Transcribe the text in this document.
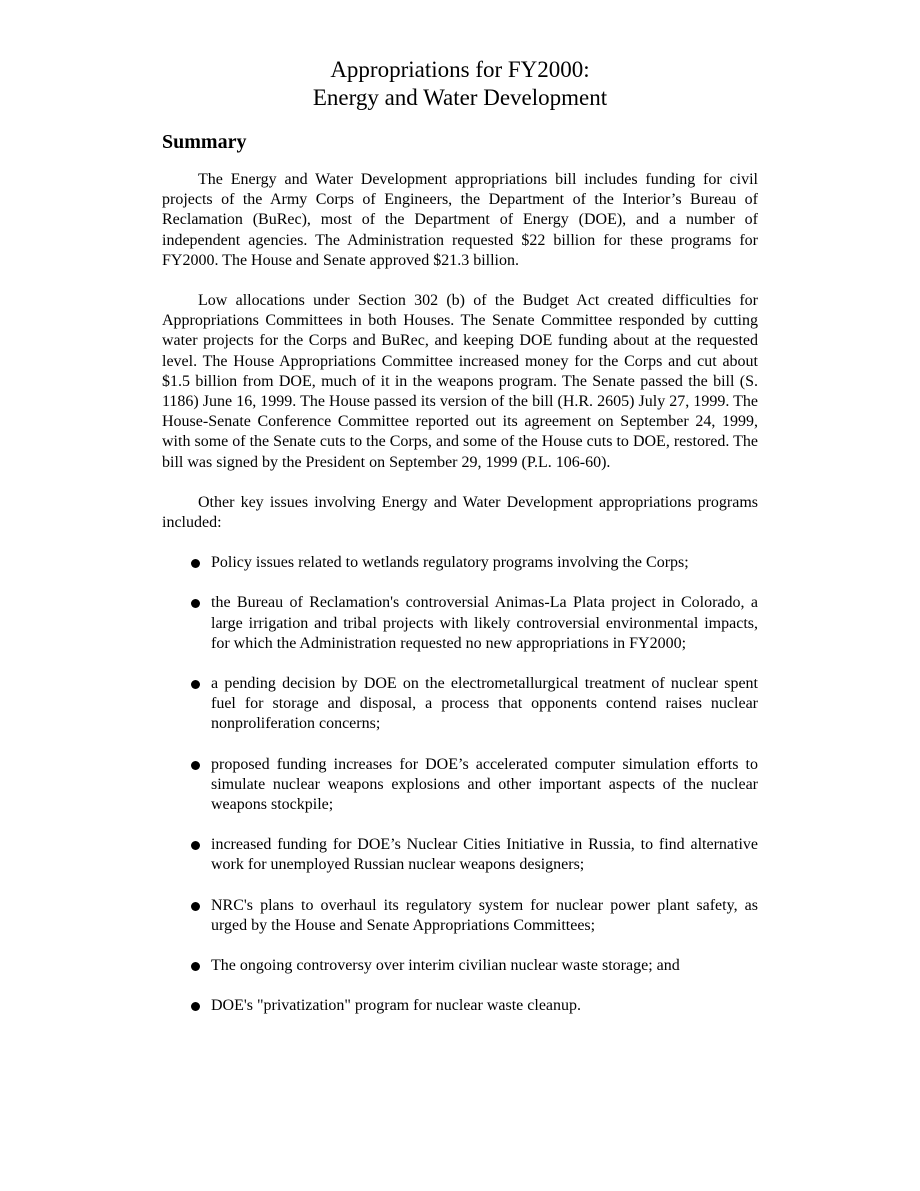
Appropriations for FY2000:
Energy and Water Development
Summary

The Energy and Water Development appropriations bill includes funding for civil projects of the Army Corps of Engineers, the Department of the Interior’s Bureau of Reclamation (BuRec), most of the Department of Energy (DOE), and a number of independent agencies. The Administration requested $22 billion for these programs for FY2000. The House and Senate approved $21.3 billion.

Low allocations under Section 302 (b) of the Budget Act created difficulties for Appropriations Committees in both Houses. The Senate Committee responded by cutting water projects for the Corps and BuRec, and keeping DOE funding about at the requested level. The House Appropriations Committee increased money for the Corps and cut about $1.5 billion from DOE, much of it in the weapons program. The Senate passed the bill (S. 1186) June 16, 1999. The House passed its version of the bill (H.R. 2605) July 27, 1999. The House-Senate Conference Committee reported out its agreement on September 24, 1999, with some of the Senate cuts to the Corps, and some of the House cuts to DOE, restored. The bill was signed by the President on September 29, 1999 (P.L. 106-60).

Other key issues involving Energy and Water Development appropriations programs included:

Policy issues related to wetlands regulatory programs involving the Corps;
the Bureau of Reclamation's controversial Animas-La Plata project in Colorado, a large irrigation and tribal projects with likely controversial environmental impacts, for which the Administration requested no new appropriations in FY2000;
a pending decision by DOE on the electrometallurgical treatment of nuclear spent fuel for storage and disposal, a process that opponents contend raises nuclear nonproliferation concerns;
proposed funding increases for DOE’s accelerated computer simulation efforts to simulate nuclear weapons explosions and other important aspects of the nuclear weapons stockpile;
increased funding for DOE’s Nuclear Cities Initiative in Russia, to find alternative work for unemployed Russian nuclear weapons designers;
NRC's plans to overhaul its regulatory system for nuclear power plant safety, as urged by the House and Senate Appropriations Committees;
The ongoing controversy over interim civilian nuclear waste storage; and
DOE's "privatization" program for nuclear waste cleanup.
